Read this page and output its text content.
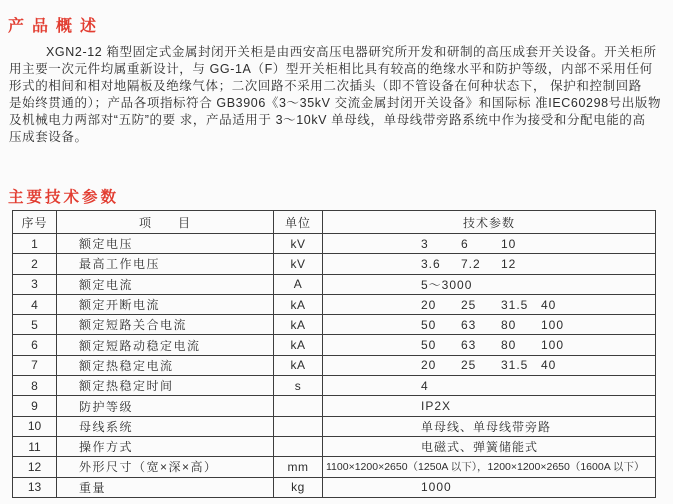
产品概述
XGN2-12 箱型固定式金属封闭开关柜是由西安高压电器研究所开发和研制的高压成套开关设备。开关柜所
用主要一次元件均属重新设计，与 GG-1A（F）型开关柜相比具有较高的绝缘水平和防护等级，内部不采用任何
形式的相间和相对地隔板及绝缘气体；二次回路不采用二次插头（即不管设备在何种状态下， 保护和控制回路
是始终贯通的）；产品各项指标符合 GB3906《3～35kV 交流金属封闭开关设备》和国际标 准IEC60298号出版物
及机械电力两部对“五防”的要 求，产品适用于 3～10kV 单母线，单母线带旁路系统中作为接受和分配电能的高
压成套设备。
主要技术参数
序号	项　　目	单位	技术参数
1	额定电压	kV	3 6 10
2	最高工作电压	kV	3.6 7.2 12
3	额定电流	A	5～3000
4	额定开断电流	kA	20 25 31.5 40
5	额定短路关合电流	kA	50 63 80 100
6	额定短路动稳定电流	kA	50 63 80 100
7	额定热稳定电流	kA	20 25 31.5 40
8	额定热稳定时间	s	4
9	防护等级		IP2X
10	母线系统		单母线、单母线带旁路
11	操作方式		电磁式、弹簧储能式
12	外形尺寸（宽×深×高）	mm	1100×1200×2650（1250A 以下），1200×1200×2650（1600A 以下）
13	重量	kg	1000
